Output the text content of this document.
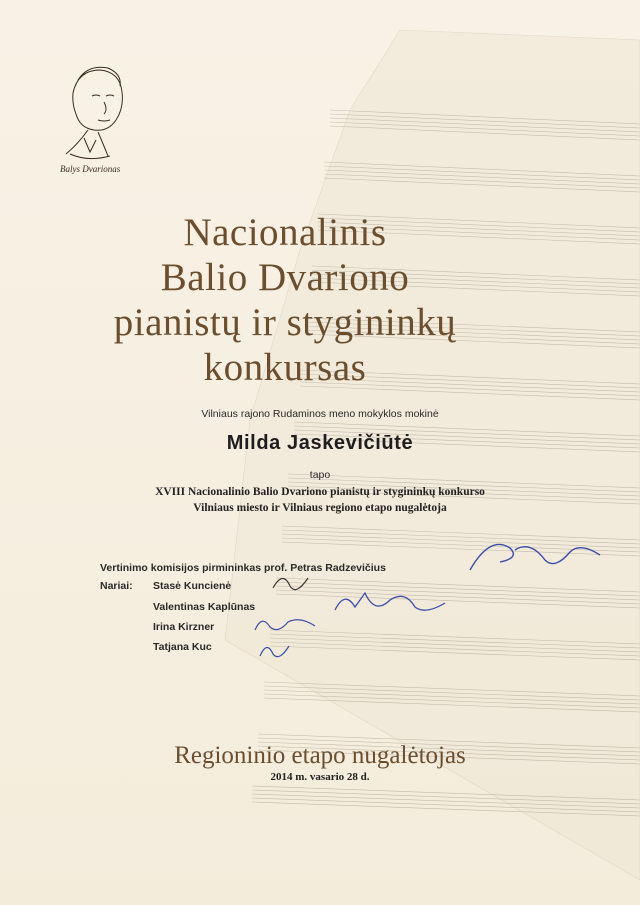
Balys Dvarionas
Nacionalinis
Balio Dvariono
pianistų ir stygininkų
konkursas
Vilniaus rajono Rudaminos meno mokyklos mokinė
Milda Jaskevičiūtė
tapo
XVIII Nacionalinio Balio Dvariono pianistų ir stygininkų konkurso
Vilniaus miesto ir Vilniaus regiono etapo nugalėtoja
Vertinimo komisijos pirmininkas prof. Petras Radzevičius
Nariai: Stasė Kuncienė
Valentinas Kaplūnas
Irina Kirzner
Tatjana Kuc
Regioninio etapo nugalėtojas
2014 m. vasario 28 d.
